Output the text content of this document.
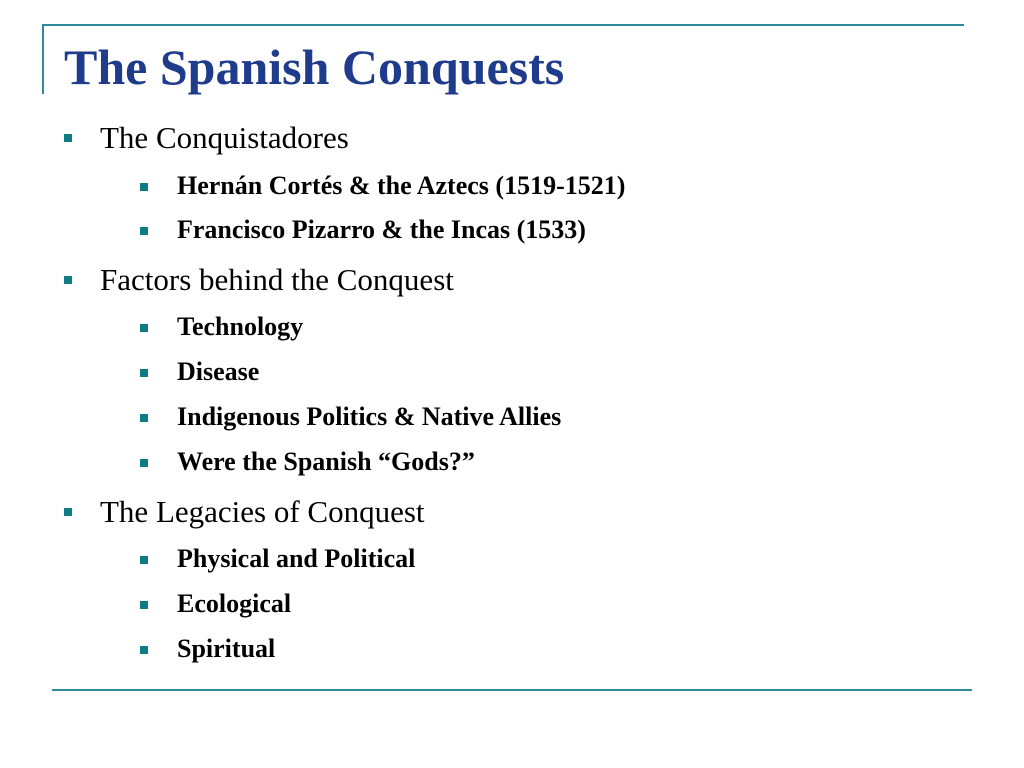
The Spanish Conquests
The Conquistadores
Hernán Cortés & the Aztecs (1519-1521)
Francisco Pizarro & the Incas (1533)
Factors behind the Conquest
Technology
Disease
Indigenous Politics & Native Allies
Were the Spanish “Gods?”
The Legacies of Conquest
Physical and Political
Ecological
Spiritual
